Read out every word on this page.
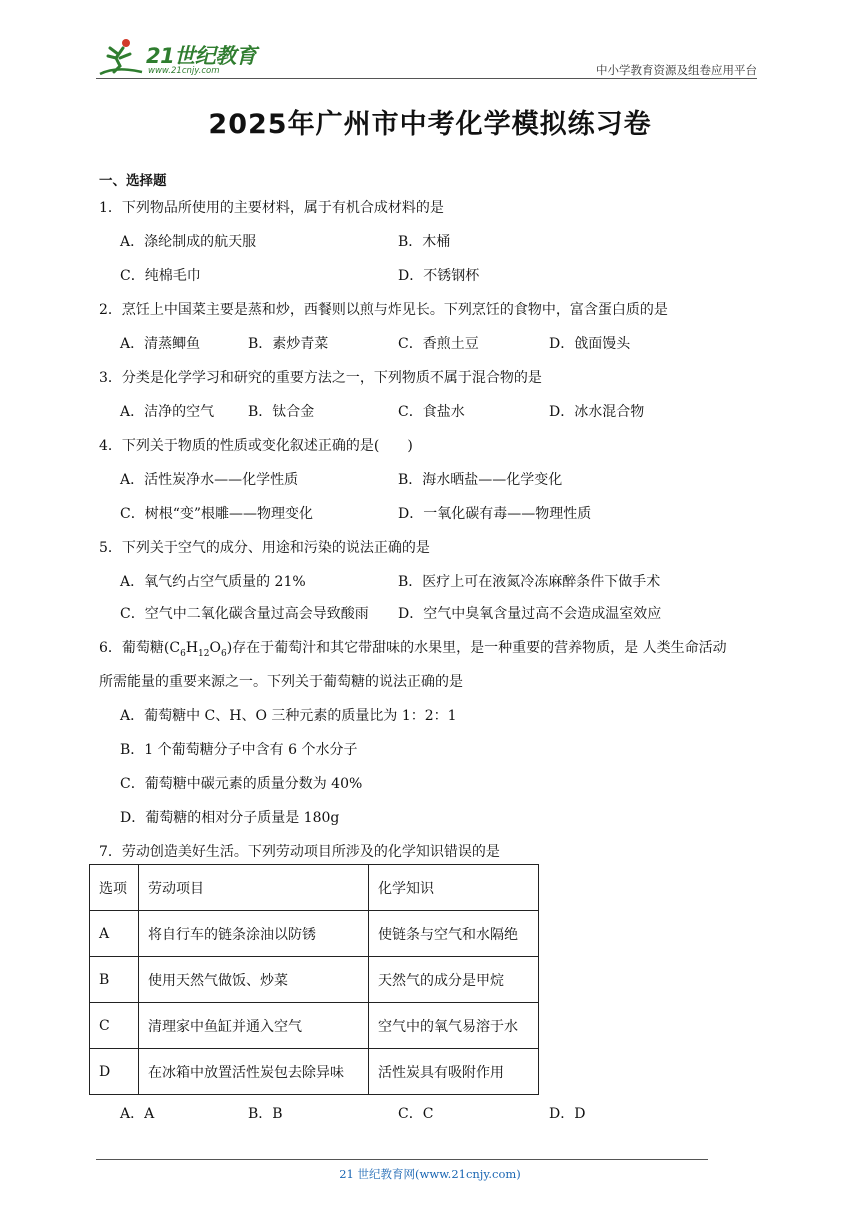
21世纪教育
www.21cnjy.com	中小学教育资源及组卷应用平台
2025年广州市中考化学模拟练习卷
一、选择题
1．下列物品所使用的主要材料，属于有机合成材料的是
A．涤纶制成的航天服	B．木桶
C．纯棉毛巾	D．不锈钢杯
2．烹饪上中国菜主要是蒸和炒，西餐则以煎与炸见长。下列烹饪的食物中，富含蛋白质的是
A．清蒸鲫鱼	B．素炒青菜	C．香煎土豆	D．戗面馒头
3．分类是化学学习和研究的重要方法之一，下列物质不属于混合物的是
A．洁净的空气 B．钛合金	C．食盐水	D．冰水混合物
4．下列关于物质的性质或变化叙述正确的是(　　)
A．活性炭净水——化学性质	B．海水晒盐——化学变化
C．树根“变”根雕——物理变化	D．一氧化碳有毒——物理性质
5．下列关于空气的成分、用途和污染的说法正确的是
A．氧气约占空气质量的 21%	B．医疗上可在液氮冷冻麻醉条件下做手术
C．空气中二氧化碳含量过高会导致酸雨 D．空气中臭氧含量过高不会造成温室效应
6．葡萄糖$(C_6H_{12}O_6)$存在于葡萄汁和其它带甜味的水果里，是一种重要的营养物质，是 人类生命活动
所需能量的重要来源之一。下列关于葡萄糖的说法正确的是
A．葡萄糖中 C、H、O 三种元素的质量比为 1：2：1
B．1 个葡萄糖分子中含有 6 个水分子
C．葡萄糖中碳元素的质量分数为 40%
D．葡萄糖的相对分子质量是 180g
7．劳动创造美好生活。下列劳动项目所涉及的化学知识错误的是
选项	劳动项目	化学知识
A	将自行车的链条涂油以防锈	使链条与空气和水隔绝
B	使用天然气做饭、炒菜	天然气的成分是甲烷
C	清理家中鱼缸并通入空气	空气中的氧气易溶于水
D	在冰箱中放置活性炭包去除异味	活性炭具有吸附作用
A．A	B．B	C．C	D．D
21 世纪教育网(www.21cnjy.com)
